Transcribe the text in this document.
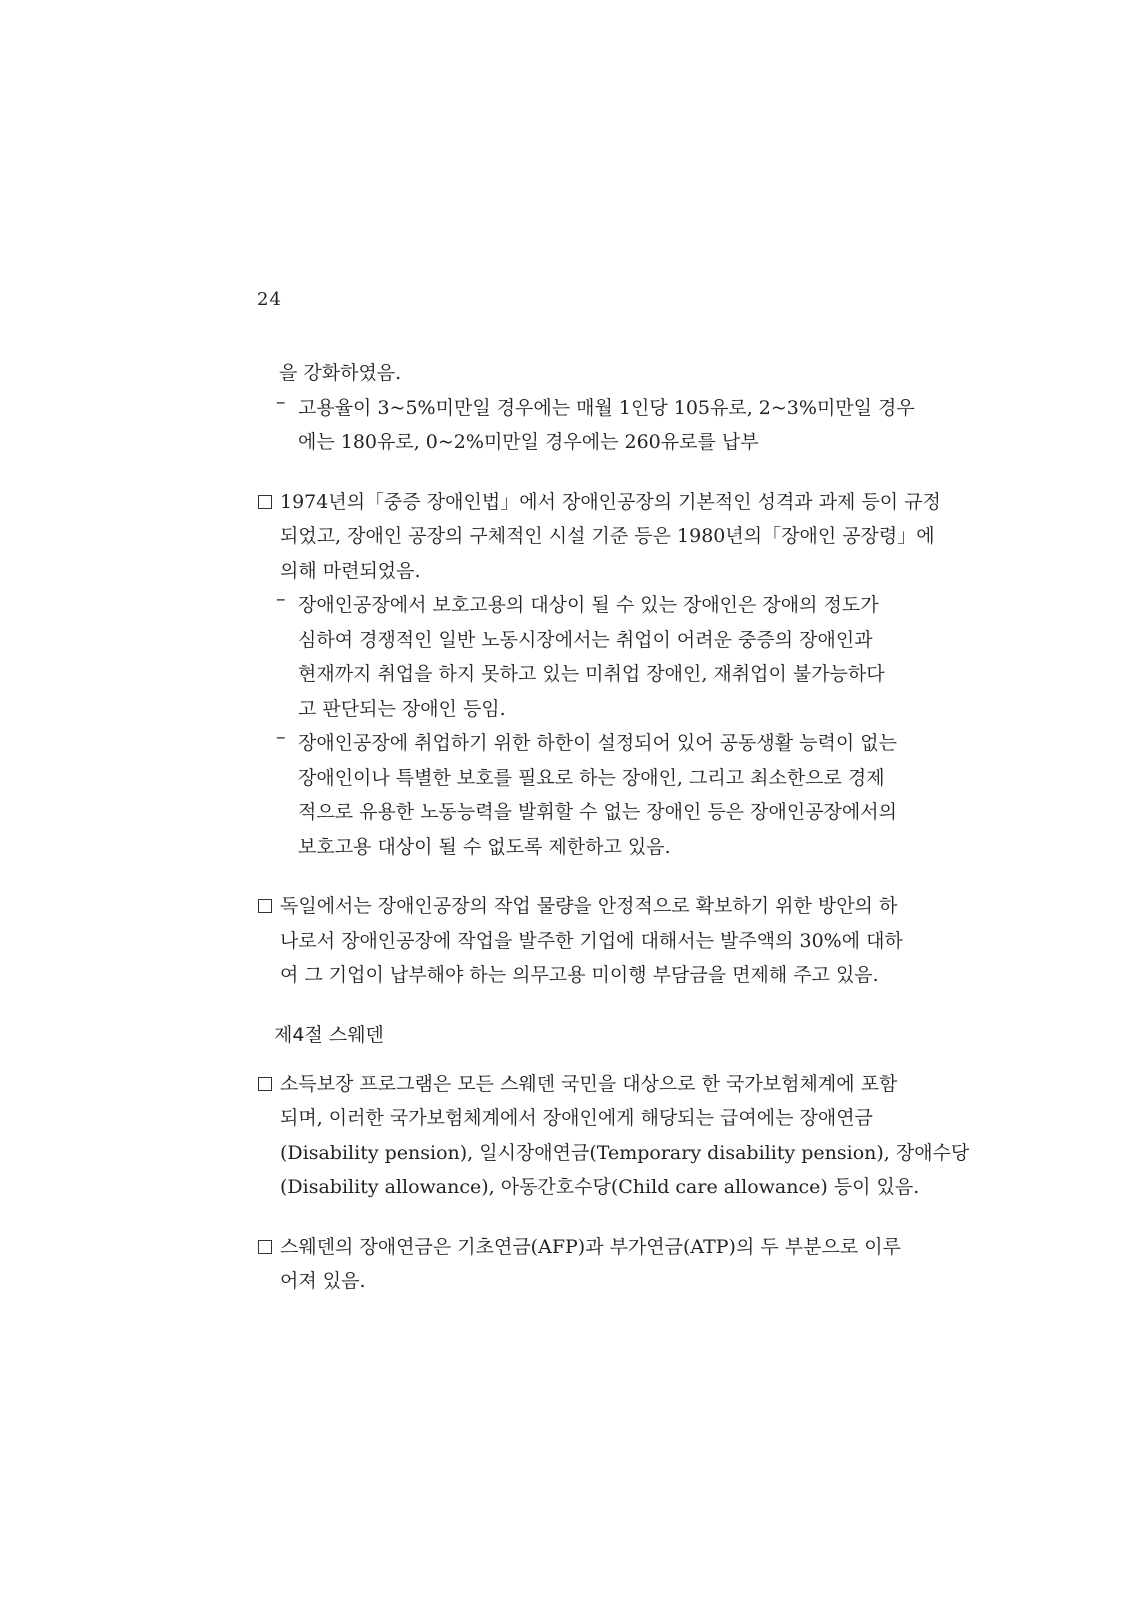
24
을 강화하였음.
– 고용율이 3~5%미만일 경우에는 매월 1인당 105유로, 2~3%미만일 경우
에는 180유로, 0~2%미만일 경우에는 260유로를 납부
1974년의「중증 장애인법」에서 장애인공장의 기본적인 성격과 과제 등이 규정
되었고, 장애인 공장의 구체적인 시설 기준 등은 1980년의「장애인 공장령」에
의해 마련되었음.
– 장애인공장에서 보호고용의 대상이 될 수 있는 장애인은 장애의 정도가
심하여 경쟁적인 일반 노동시장에서는 취업이 어려운 중증의 장애인과
현재까지 취업을 하지 못하고 있는 미취업 장애인, 재취업이 불가능하다
고 판단되는 장애인 등임.
– 장애인공장에 취업하기 위한 하한이 설정되어 있어 공동생활 능력이 없는
장애인이나 특별한 보호를 필요로 하는 장애인, 그리고 최소한으로 경제
적으로 유용한 노동능력을 발휘할 수 없는 장애인 등은 장애인공장에서의
보호고용 대상이 될 수 없도록 제한하고 있음.
독일에서는 장애인공장의 작업 물량을 안정적으로 확보하기 위한 방안의 하
나로서 장애인공장에 작업을 발주한 기업에 대해서는 발주액의 30%에 대하
여 그 기업이 납부해야 하는 의무고용 미이행 부담금을 면제해 주고 있음.
제4절 스웨덴
소득보장 프로그램은 모든 스웨덴 국민을 대상으로 한 국가보험체계에 포함
되며, 이러한 국가보험체계에서 장애인에게 해당되는 급여에는 장애연금
(Disability pension), 일시장애연금(Temporary disability pension), 장애수당
(Disability allowance), 아동간호수당(Child care allowance) 등이 있음.
스웨덴의 장애연금은 기초연금(AFP)과 부가연금(ATP)의 두 부분으로 이루
어져 있음.
